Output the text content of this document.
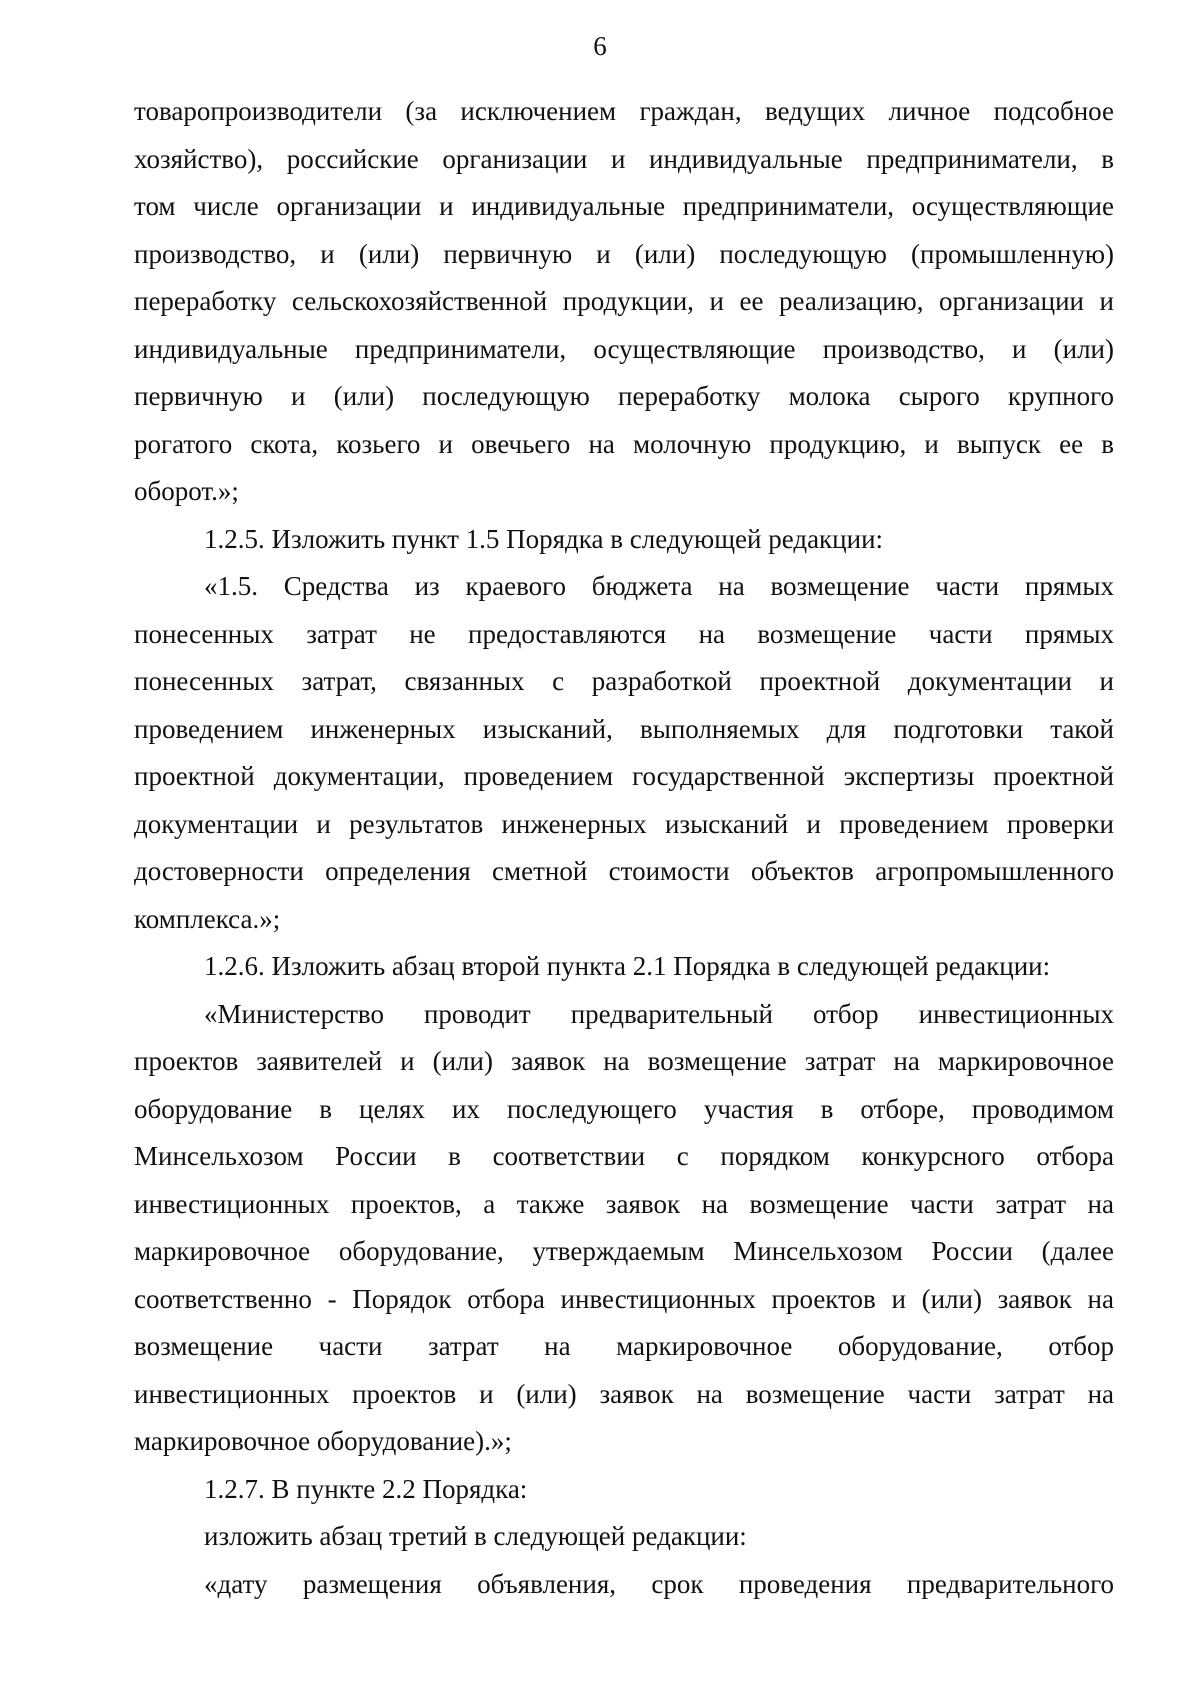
6
товаропроизводители (за исключением граждан, ведущих личное подсобное
хозяйство), российские организации и индивидуальные предприниматели, в
том числе организации и индивидуальные предприниматели, осуществляющие
производство, и (или) первичную и (или) последующую (промышленную)
переработку сельскохозяйственной продукции, и ее реализацию, организации и
индивидуальные предприниматели, осуществляющие производство, и (или)
первичную и (или) последующую переработку молока сырого крупного
рогатого скота, козьего и овечьего на молочную продукцию, и выпуск ее в
оборот.»;
1.2.5. Изложить пункт 1.5 Порядка в следующей редакции:
«1.5. Средства из краевого бюджета на возмещение части прямых
понесенных затрат не предоставляются на возмещение части прямых
понесенных затрат, связанных с разработкой проектной документации и
проведением инженерных изысканий, выполняемых для подготовки такой
проектной документации, проведением государственной экспертизы проектной
документации и результатов инженерных изысканий и проведением проверки
достоверности определения сметной стоимости объектов агропромышленного
комплекса.»;
1.2.6. Изложить абзац второй пункта 2.1 Порядка в следующей редакции:
«Министерство проводит предварительный отбор инвестиционных
проектов заявителей и (или) заявок на возмещение затрат на маркировочное
оборудование в целях их последующего участия в отборе, проводимом
Минсельхозом России в соответствии с порядком конкурсного отбора
инвестиционных проектов, а также заявок на возмещение части затрат на
маркировочное оборудование, утверждаемым Минсельхозом России (далее
соответственно - Порядок отбора инвестиционных проектов и (или) заявок на
возмещение части затрат на маркировочное оборудование, отбор
инвестиционных проектов и (или) заявок на возмещение части затрат на
маркировочное оборудование).»;
1.2.7. В пункте 2.2 Порядка:
изложить абзац третий в следующей редакции:
«дату размещения объявления, срок проведения предварительного
